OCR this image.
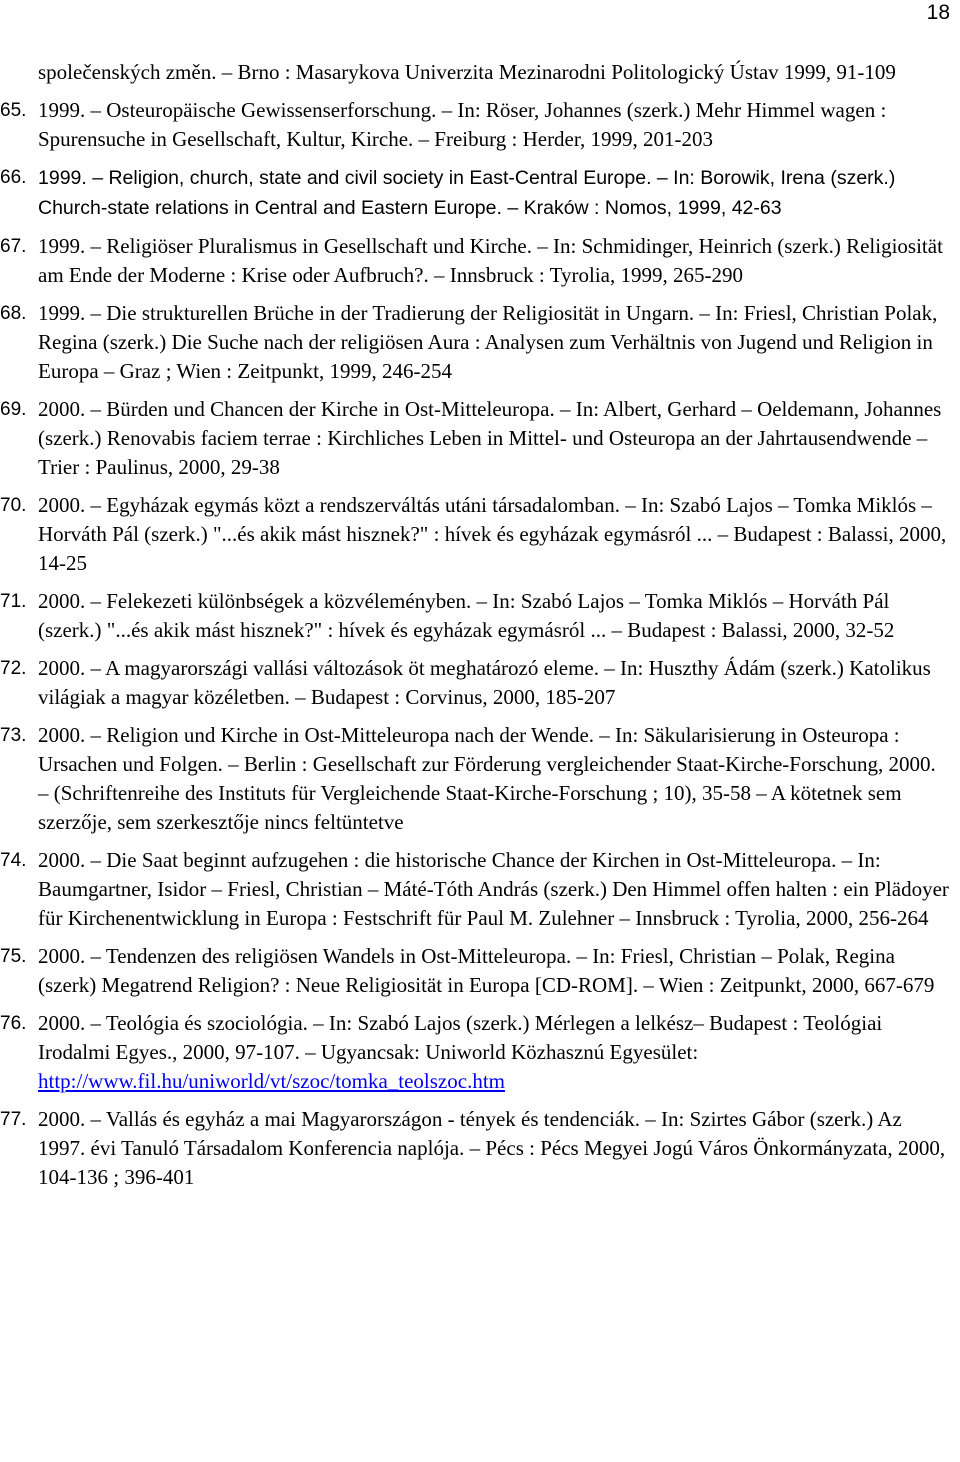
18
společenských změn. – Brno : Masarykova Univerzita Mezinarodni Politologický Ústav 1999, 91-109
65. 1999. – Osteuropäische Gewissenserforschung. – In: Röser, Johannes (szerk.) Mehr Himmel wagen : Spurensuche in Gesellschaft, Kultur, Kirche. – Freiburg : Herder, 1999, 201-203
66. 1999. – Religion, church, state and civil society in East-Central Europe. – In: Borowik, Irena (szerk.) Church-state relations in Central and Eastern Europe. – Kraków : Nomos, 1999, 42-63
67. 1999. – Religiöser Pluralismus in Gesellschaft und Kirche. – In: Schmidinger, Heinrich (szerk.) Religiosität am Ende der Moderne : Krise oder Aufbruch?. – Innsbruck : Tyrolia, 1999, 265-290
68. 1999. – Die strukturellen Brüche in der Tradierung der Religiosität in Ungarn. – In: Friesl, Christian Polak, Regina (szerk.) Die Suche nach der religiösen Aura : Analysen zum Verhältnis von Jugend und Religion in Europa – Graz ; Wien : Zeitpunkt, 1999, 246-254
69. 2000. – Bürden und Chancen der Kirche in Ost-Mitteleuropa. – In: Albert, Gerhard – Oeldemann, Johannes (szerk.) Renovabis faciem terrae : Kirchliches Leben in Mittel- und Osteuropa an der Jahrtausendwende – Trier : Paulinus, 2000, 29-38
70. 2000. – Egyházak egymás közt a rendszerváltás utáni társadalomban. – In: Szabó Lajos – Tomka Miklós – Horváth Pál (szerk.) "...és akik mást hisznek?" : hívek és egyházak egymásról ... – Budapest : Balassi, 2000, 14-25
71. 2000. – Felekezeti különbségek a közvéleményben. – In: Szabó Lajos – Tomka Miklós – Horváth Pál (szerk.) "...és akik mást hisznek?" : hívek és egyházak egymásról ... – Budapest : Balassi, 2000, 32-52
72. 2000. – A magyarországi vallási változások öt meghatározó eleme. – In: Huszthy Ádám (szerk.) Katolikus világiak a magyar közéletben. – Budapest : Corvinus, 2000, 185-207
73. 2000. – Religion und Kirche in Ost-Mitteleuropa nach der Wende. – In: Säkularisierung in Osteuropa : Ursachen und Folgen. – Berlin : Gesellschaft zur Förderung vergleichender Staat-Kirche-Forschung, 2000. – (Schriftenreihe des Instituts für Vergleichende Staat-Kirche-Forschung ; 10), 35-58 – A kötetnek sem szerzője, sem szerkesztője nincs feltüntetve
74. 2000. – Die Saat beginnt aufzugehen : die historische Chance der Kirchen in Ost-Mitteleuropa. – In: Baumgartner, Isidor – Friesl, Christian – Máté-Tóth András (szerk.) Den Himmel offen halten : ein Plädoyer für Kirchenentwicklung in Europa : Festschrift für Paul M. Zulehner – Innsbruck : Tyrolia, 2000, 256-264
75. 2000. – Tendenzen des religiösen Wandels in Ost-Mitteleuropa. – In: Friesl, Christian – Polak, Regina (szerk) Megatrend Religion? : Neue Religiosität in Europa [CD-ROM]. – Wien : Zeitpunkt, 2000, 667-679
76. 2000. – Teológia és szociológia. – In: Szabó Lajos (szerk.) Mérlegen a lelkész– Budapest : Teológiai Irodalmi Egyes., 2000, 97-107. – Ugyancsak: Uniworld Közhasznú Egyesület: http://www.fil.hu/uniworld/vt/szoc/tomka_teolszoc.htm
77. 2000. – Vallás és egyház a mai Magyarországon - tények és tendenciák. – In: Szirtes Gábor (szerk.) Az 1997. évi Tanuló Társadalom Konferencia naplója. – Pécs : Pécs Megyei Jogú Város Önkormányzata, 2000, 104-136 ; 396-401
